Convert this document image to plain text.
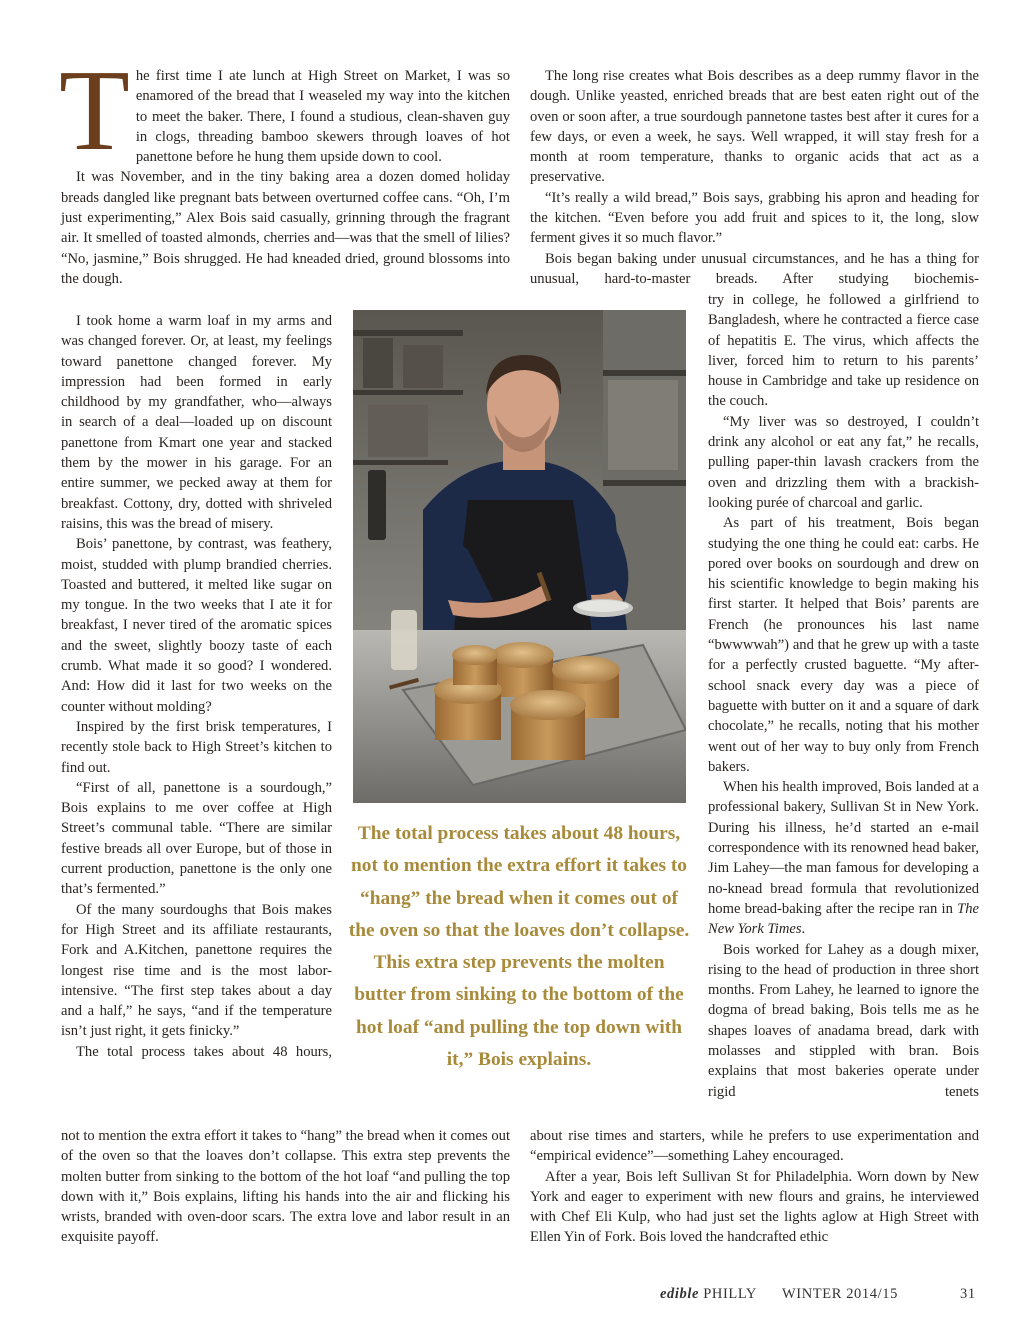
The first time I ate lunch at High Street on Market, I was so enamored of the bread that I weaseled my way into the kitchen to meet the baker. There, I found a studious, clean-shaven guy in clogs, threading bamboo skewers through loaves of hot panettone before he hung them upside down to cool.

It was November, and in the tiny baking area a dozen domed holiday breads dangled like pregnant bats between overturned coffee cans. “Oh, I’m just experimenting,” Alex Bois said casually, grinning through the fragrant air. It smelled of toasted almonds, cherries and—was that the smell of lilies? “No, jasmine,” Bois shrugged. He had kneaded dried, ground blossoms into the dough.

I took home a warm loaf in my arms and was changed forever. Or, at least, my feelings toward panettone changed forever. My impression had been formed in early childhood by my grandfather, who—always in search of a deal—loaded up on discount panettone from Kmart one year and stacked them by the mower in his garage. For an entire summer, we pecked away at them for breakfast. Cottony, dry, dotted with shriveled raisins, this was the bread of misery.

Bois’ panettone, by contrast, was feathery, moist, studded with plump brandied cherries. Toasted and buttered, it melted like sugar on my tongue. In the two weeks that I ate it for breakfast, I never tired of the aromatic spices and the sweet, slightly boozy taste of each crumb. What made it so good? I wondered. And: How did it last for two weeks on the counter without molding?

Inspired by the first brisk temperatures, I recently stole back to High Street’s kitchen to find out.

“First of all, panettone is a sourdough,” Bois explains to me over coffee at High Street’s communal table. “There are similar festive breads all over Europe, but of those in current production, panettone is the only one that’s fermented.”

Of the many sourdoughs that Bois makes for High Street and its affiliate restaurants, Fork and A.Kitchen, panettone requires the longest rise time and is the most labor-intensive. “The first step takes about a day and a half,” he says, “and if the temperature isn’t just right, it gets finicky.”

The total process takes about 48 hours,

not to mention the extra effort it takes to “hang” the bread when it comes out of the oven so that the loaves don’t collapse. This extra step prevents the molten butter from sinking to the bottom of the hot loaf “and pulling the top down with it,” Bois explains, lifting his hands into the air and flicking his wrists, branded with oven-door scars. The extra love and labor result in an exquisite payoff.

The long rise creates what Bois describes as a deep rummy flavor in the dough. Unlike yeasted, enriched breads that are best eaten right out of the oven or soon after, a true sourdough pannetone tastes best after it cures for a few days, or even a week, he says. Well wrapped, it will stay fresh for a month at room temperature, thanks to organic acids that act as a preservative.

“It’s really a wild bread,” Bois says, grabbing his apron and heading for the kitchen. “Even before you add fruit and spices to it, the long, slow ferment gives it so much flavor.”

Bois began baking under unusual circumstances, and he has a thing for unusual, hard-to-master breads. After studying biochemis-

try in college, he followed a girlfriend to Bangladesh, where he contracted a fierce case of hepatitis E. The virus, which affects the liver, forced him to return to his parents’ house in Cambridge and take up residence on the couch.

“My liver was so destroyed, I couldn’t drink any alcohol or eat any fat,” he recalls, pulling paper-thin lavash crackers from the oven and drizzling them with a brackish-looking purée of charcoal and garlic.

As part of his treatment, Bois began studying the one thing he could eat: carbs. He pored over books on sourdough and drew on his scientific knowledge to begin making his first starter. It helped that Bois’ parents are French (he pronounces his last name “bwwwwah”) and that he grew up with a taste for a perfectly crusted baguette. “My after-school snack every day was a piece of baguette with butter on it and a square of dark chocolate,” he recalls, noting that his mother went out of her way to buy only from French bakers.

When his health improved, Bois landed at a professional bakery, Sullivan St in New York. During his illness, he’d started an e-mail correspondence with its renowned head baker, Jim Lahey—the man famous for developing a no-knead bread formula that revolutionized home bread-baking after the recipe ran in The New York Times.

Bois worked for Lahey as a dough mixer, rising to the head of production in three short months. From Lahey, he learned to ignore the dogma of bread baking, Bois tells me as he shapes loaves of anadama bread, dark with molasses and stippled with bran. Bois explains that most bakeries operate under rigid tenets

about rise times and starters, while he prefers to use experimentation and “empirical evidence”—something Lahey encouraged.

After a year, Bois left Sullivan St for Philadelphia. Worn down by New York and eager to experiment with new flours and grains, he interviewed with Chef Eli Kulp, who had just set the lights aglow at High Street with Ellen Yin of Fork. Bois loved the handcrafted ethic

The total process takes about 48 hours, not to mention the extra effort it takes to “hang” the bread when it comes out of the oven so that the loaves don’t collapse. This extra step prevents the molten butter from sinking to the bottom of the hot loaf “and pulling the top down with it,” Bois explains.
edible PHILLY WINTER 2014/15	31
